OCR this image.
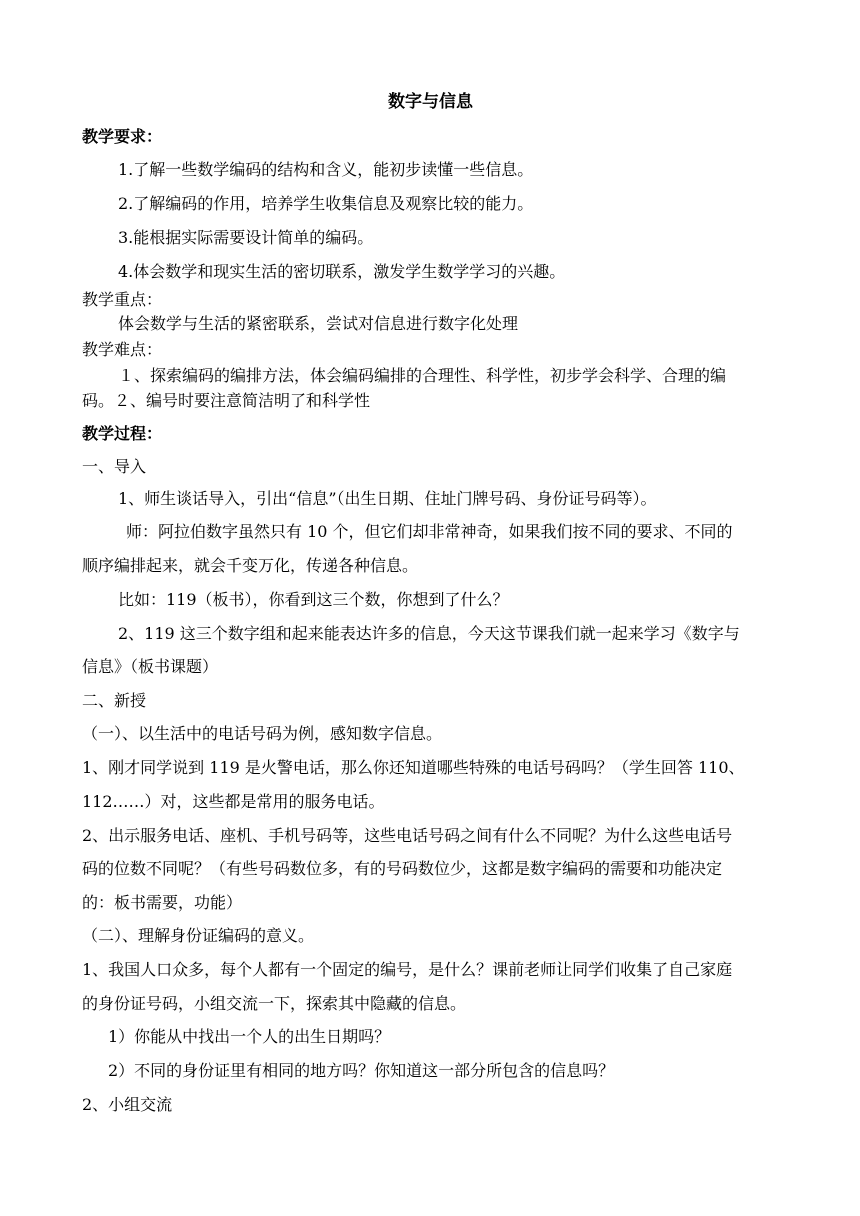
数字与信息
教学要求：
1.了解一些数学编码的结构和含义，能初步读懂一些信息。
2.了解编码的作用，培养学生收集信息及观察比较的能力。
3.能根据实际需要设计简单的编码。
4.体会数学和现实生活的密切联系，激发学生数学学习的兴趣。
教学重点：
体会数学与生活的紧密联系，尝试对信息进行数字化处理
教学难点：
１、探索编码的编排方法，体会编码编排的合理性、科学性，初步学会科学、合理的编
码。２、编号时要注意简洁明了和科学性
教学过程：
一、导入
1、师生谈话导入，引出“信息”（出生日期、住址门牌号码、身份证号码等）。
师：阿拉伯数字虽然只有 10 个，但它们却非常神奇，如果我们按不同的要求、不同的
顺序编排起来，就会千变万化，传递各种信息。
比如：119（板书），你看到这三个数，你想到了什么？
2、119 这三个数字组和起来能表达许多的信息，今天这节课我们就一起来学习《数字与
信息》（板书课题）
二、新授
（一）、以生活中的电话号码为例，感知数字信息。
1、刚才同学说到 119 是火警电话，那么你还知道哪些特殊的电话号码吗？（学生回答 110、
112……）对，这些都是常用的服务电话。
2、出示服务电话、座机、手机号码等，这些电话号码之间有什么不同呢？为什么这些电话号
码的位数不同呢？（有些号码数位多，有的号码数位少，这都是数字编码的需要和功能决定
的：板书需要，功能）
（二）、理解身份证编码的意义。
1、我国人口众多，每个人都有一个固定的编号，是什么？课前老师让同学们收集了自己家庭
的身份证号码，小组交流一下，探索其中隐藏的信息。
1）你能从中找出一个人的出生日期吗？
2）不同的身份证里有相同的地方吗？你知道这一部分所包含的信息吗？
2、小组交流
